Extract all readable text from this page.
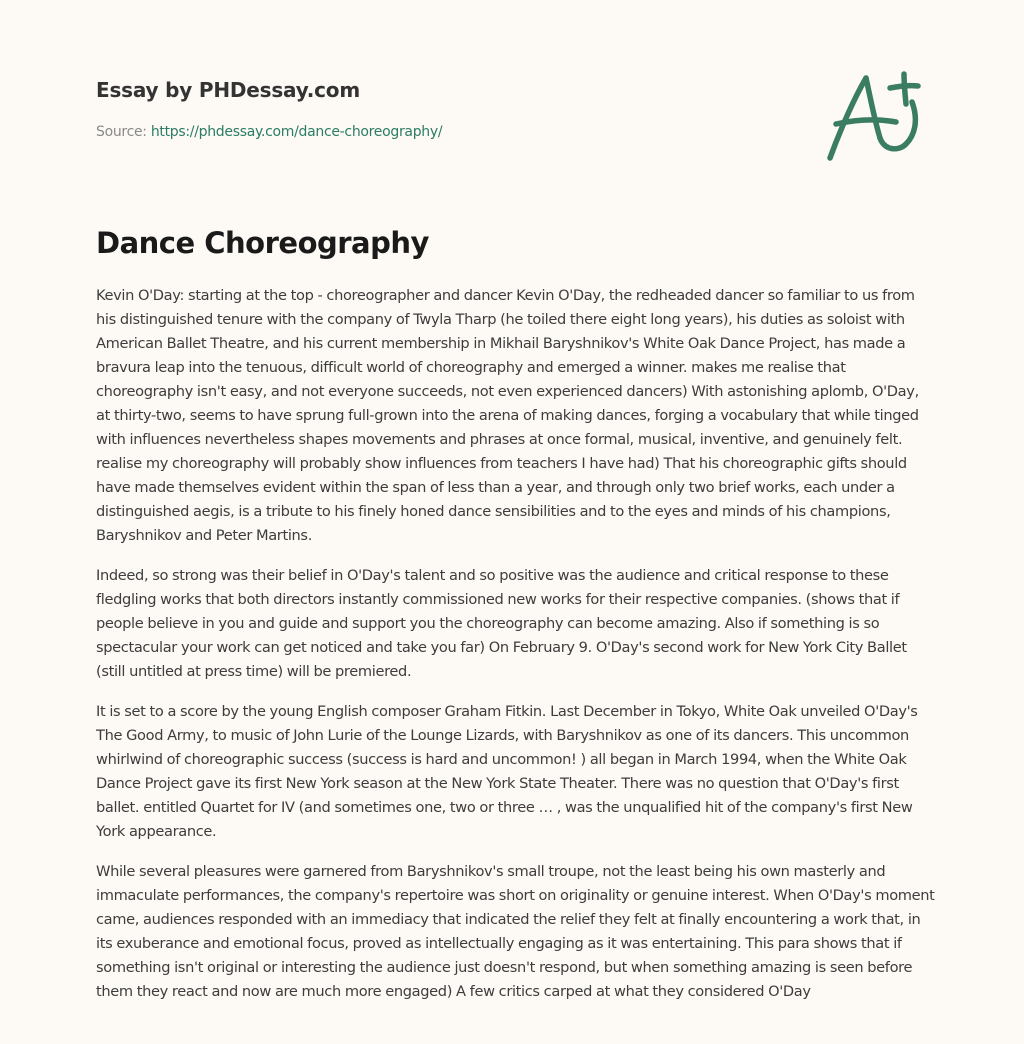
Essay by PHDessay.com
Source: https://phdessay.com/dance-choreography/
Dance Choreography

Kevin O'Day: starting at the top - choreographer and dancer Kevin O'Day, the redheaded dancer so familiar to us from his distinguished tenure with the company of Twyla Tharp (he toiled there eight long years), his duties as soloist with American Ballet Theatre, and his current membership in Mikhail Baryshnikov's White Oak Dance Project, has made a bravura leap into the tenuous, difficult world of choreography and emerged a winner. makes me realise that choreography isn't easy, and not everyone succeeds, not even experienced dancers) With astonishing aplomb, O'Day, at thirty-two, seems to have sprung full-grown into the arena of making dances, forging a vocabulary that while tinged with influences nevertheless shapes movements and phrases at once formal, musical, inventive, and genuinely felt. realise my choreography will probably show influences from teachers I have had) That his choreographic gifts should have made themselves evident within the span of less than a year, and through only two brief works, each under a distinguished aegis, is a tribute to his finely honed dance sensibilities and to the eyes and minds of his champions, Baryshnikov and Peter Martins.

Indeed, so strong was their belief in O'Day's talent and so positive was the audience and critical response to these fledgling works that both directors instantly commissioned new works for their respective companies. (shows that if people believe in you and guide and support you the choreography can become amazing. Also if something is so spectacular your work can get noticed and take you far) On February 9. O'Day's second work for New York City Ballet (still untitled at press time) will be premiered.

It is set to a score by the young English composer Graham Fitkin. Last December in Tokyo, White Oak unveiled O'Day's The Good Army, to music of John Lurie of the Lounge Lizards, with Baryshnikov as one of its dancers. This uncommon whirlwind of choreographic success (success is hard and uncommon! ) all began in March 1994, when the White Oak Dance Project gave its first New York season at the New York State Theater. There was no question that O'Day's first ballet. entitled Quartet for IV (and sometimes one, two or three … , was the unqualified hit of the company's first New York appearance.

While several pleasures were garnered from Baryshnikov's small troupe, not the least being his own masterly and immaculate performances, the company's repertoire was short on originality or genuine interest. When O'Day's moment came, audiences responded with an immediacy that indicated the relief they felt at finally encountering a work that, in its exuberance and emotional focus, proved as intellectually engaging as it was entertaining. This para shows that if something isn't original or interesting the audience just doesn't respond, but when something amazing is seen before them they react and now are much more engaged) A few critics carped at what they considered O'Day
